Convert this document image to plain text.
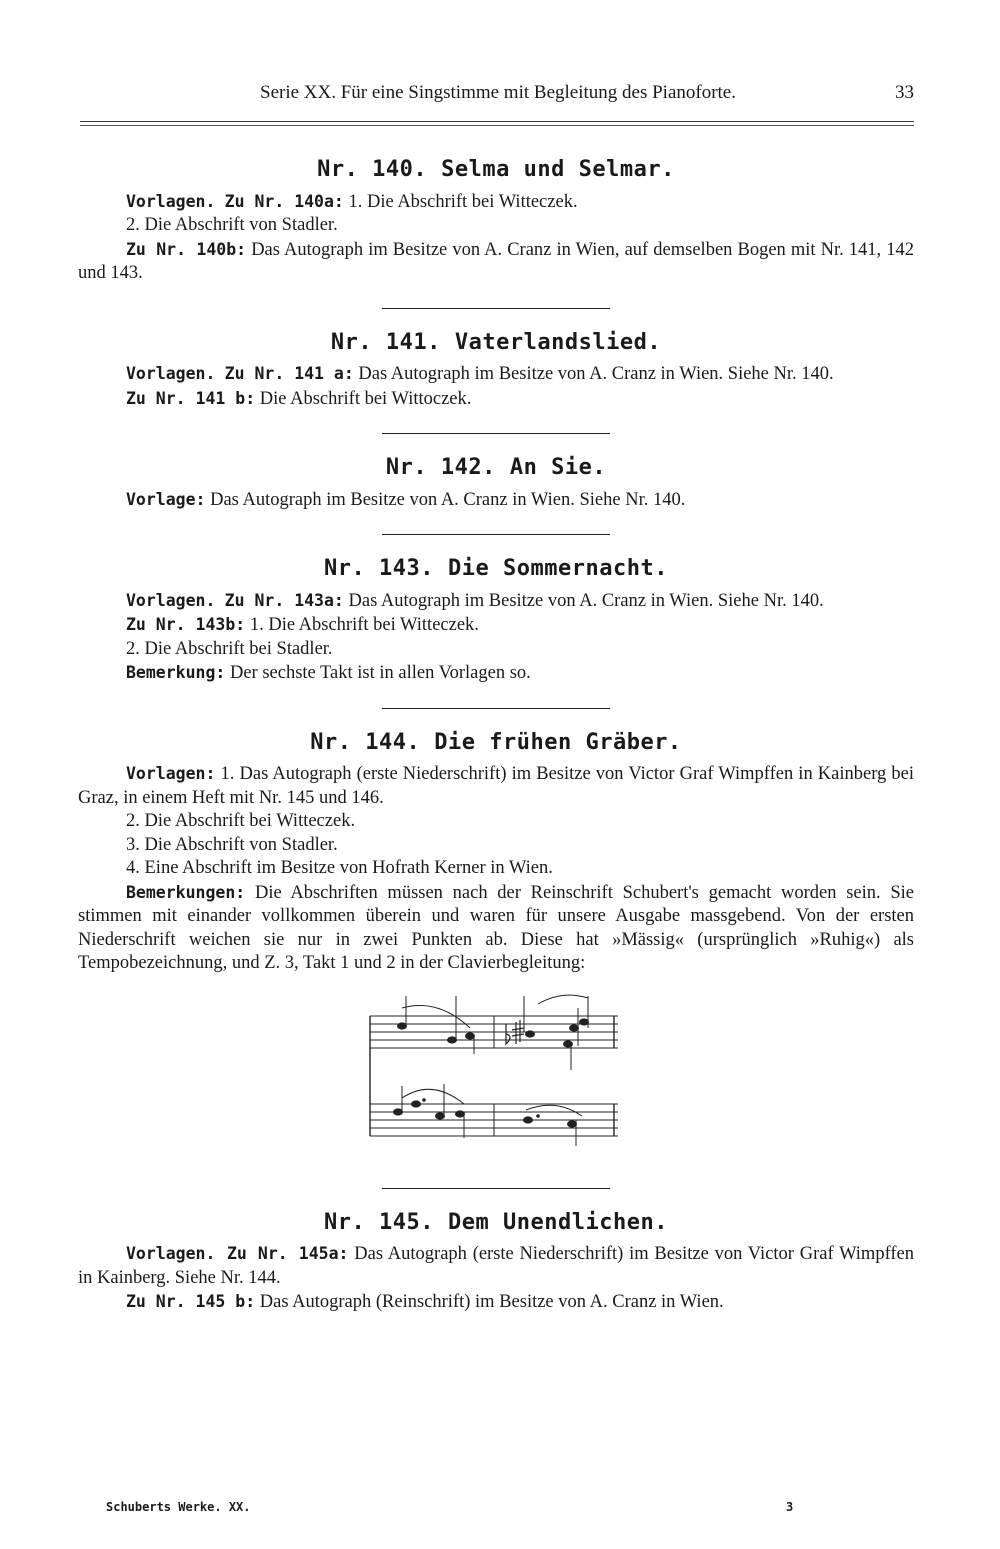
Serie XX. Für eine Singstimme mit Begleitung des Pianoforte.	33
Nr. 140. Selma und Selmar.

Vorlagen. Zu Nr. 140a: 1. Die Abschrift bei Witteczek.

2. Die Abschrift von Stadler.

Zu Nr. 140b: Das Autograph im Besitze von A. Cranz in Wien, auf demselben Bogen mit Nr. 141, 142 und 143.

Nr. 141. Vaterlandslied.

Vorlagen. Zu Nr. 141 a: Das Autograph im Besitze von A. Cranz in Wien. Siehe Nr. 140.

Zu Nr. 141 b: Die Abschrift bei Wittoczek.

Nr. 142. An Sie.

Vorlage: Das Autograph im Besitze von A. Cranz in Wien. Siehe Nr. 140.

Nr. 143. Die Sommernacht.

Vorlagen. Zu Nr. 143a: Das Autograph im Besitze von A. Cranz in Wien. Siehe Nr. 140.

Zu Nr. 143b: 1. Die Abschrift bei Witteczek.

2. Die Abschrift bei Stadler.

Bemerkung: Der sechste Takt ist in allen Vorlagen so.

Nr. 144. Die frühen Gräber.

Vorlagen: 1. Das Autograph (erste Niederschrift) im Besitze von Victor Graf Wimpffen in Kainberg bei Graz, in einem Heft mit Nr. 145 und 146.

2. Die Abschrift bei Witteczek.

3. Die Abschrift von Stadler.

4. Eine Abschrift im Besitze von Hofrath Kerner in Wien.

Bemerkungen: Die Abschriften müssen nach der Reinschrift Schubert's gemacht worden sein. Sie stimmen mit einander vollkommen überein und waren für unsere Ausgabe massgebend. Von der ersten Niederschrift weichen sie nur in zwei Punkten ab. Diese hat »Mässig« (ursprünglich »Ruhig«) als Tempobezeichnung, und Z. 3, Takt 1 und 2 in der Clavierbegleitung:

Nr. 145. Dem Unendlichen.

Vorlagen. Zu Nr. 145a: Das Autograph (erste Niederschrift) im Besitze von Victor Graf Wimpffen in Kainberg. Siehe Nr. 144.

Zu Nr. 145 b: Das Autograph (Reinschrift) im Besitze von A. Cranz in Wien.

Schuberts Werke. XX.	3
